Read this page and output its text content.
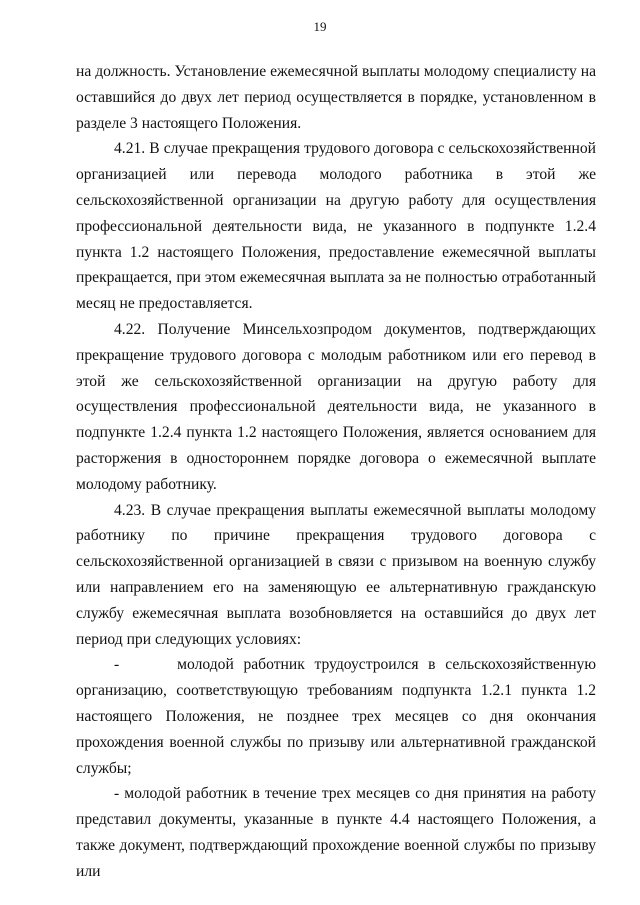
19

на должность. Установление ежемесячной выплаты молодому специалисту на оставшийся до двух лет период осуществляется в порядке, установленном в разделе 3 настоящего Положения.

4.21. В случае прекращения трудового договора с сельскохозяйственной организацией или перевода молодого работника в этой же сельскохозяйственной организации на другую работу для осуществления профессиональной деятельности вида, не указанного в подпункте 1.2.4 пункта 1.2 настоящего Положения, предоставление ежемесячной выплаты прекращается, при этом ежемесячная выплата за не полностью отработанный месяц не предоставляется.

4.22. Получение Минсельхозпродом документов, подтверждающих прекращение трудового договора с молодым работником или его перевод в этой же сельскохозяйственной организации на другую работу для осуществления профессиональной деятельности вида, не указанного в подпункте 1.2.4 пункта 1.2 настоящего Положения, является основанием для расторжения в одностороннем порядке договора о ежемесячной выплате молодому работнику.

4.23. В случае прекращения выплаты ежемесячной выплаты молодому работнику по причине прекращения трудового договора с сельскохозяйственной организацией в связи с призывом на военную службу или направлением его на заменяющую ее альтернативную гражданскую службу ежемесячная выплата возобновляется на оставшийся до двух лет период при следующих условиях:

-      молодой работник трудоустроился в сельскохозяйственную организацию, соответствующую требованиям подпункта 1.2.1 пункта 1.2 настоящего Положения, не позднее трех месяцев со дня окончания прохождения военной службы по призыву или альтернативной гражданской службы;

- молодой работник в течение трех месяцев со дня принятия на работу представил документы, указанные в пункте 4.4 настоящего Положения, а также документ, подтверждающий прохождение военной службы по призыву или
